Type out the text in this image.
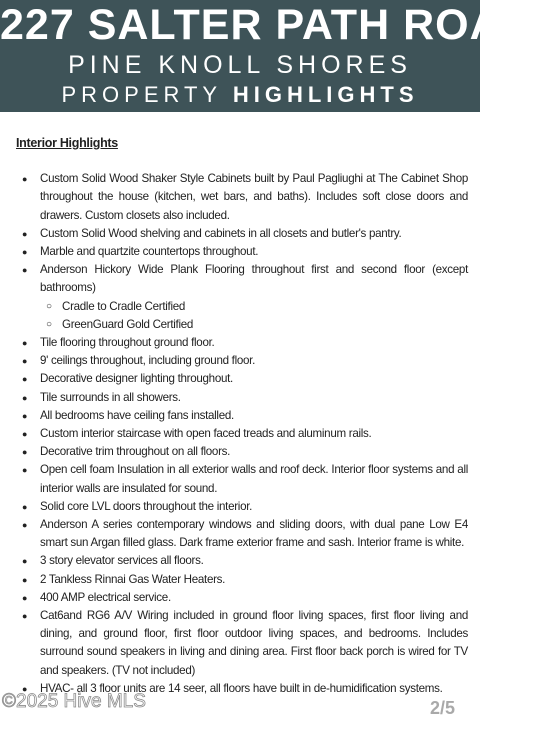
227 SALTER PATH ROAD
PINE KNOLL SHORES
PROPERTY HIGHLIGHTS
Interior Highlights
● Custom Solid Wood Shaker Style Cabinets built by Paul Pagliughi at The Cabinet Shop throughout the house (kitchen, wet bars, and baths). Includes soft close doors and drawers. Custom closets also included.
● Custom Solid Wood shelving and cabinets in all closets and butler's pantry.
● Marble and quartzite countertops throughout.
● Anderson Hickory Wide Plank Flooring throughout first and second floor (except bathrooms)
○ Cradle to Cradle Certified
○ GreenGuard Gold Certified
● Tile flooring throughout ground floor.
● 9' ceilings throughout, including ground floor.
● Decorative designer lighting throughout.
● Tile surrounds in all showers.
● All bedrooms have ceiling fans installed.
● Custom interior staircase with open faced treads and aluminum rails.
● Decorative trim throughout on all floors.
● Open cell foam Insulation in all exterior walls and roof deck. Interior floor systems and all interior walls are insulated for sound.
● Solid core LVL doors throughout the interior.
● Anderson A series contemporary windows and sliding doors, with dual pane Low E4 smart sun Argan filled glass. Dark frame exterior frame and sash. Interior frame is white.
● 3 story elevator services all floors.
● 2 Tankless Rinnai Gas Water Heaters.
● 400 AMP electrical service.
● Cat6and RG6 A/V Wiring included in ground floor living spaces, first floor living and dining, and ground floor, first floor outdoor living spaces, and bedrooms. Includes surround sound speakers in living and dining area. First floor back porch is wired for TV and speakers. (TV not included)
● HVAC- all 3 floor units are 14 seer, all floors have built in de-humidification systems.
©2025 Hive MLS	2/5
